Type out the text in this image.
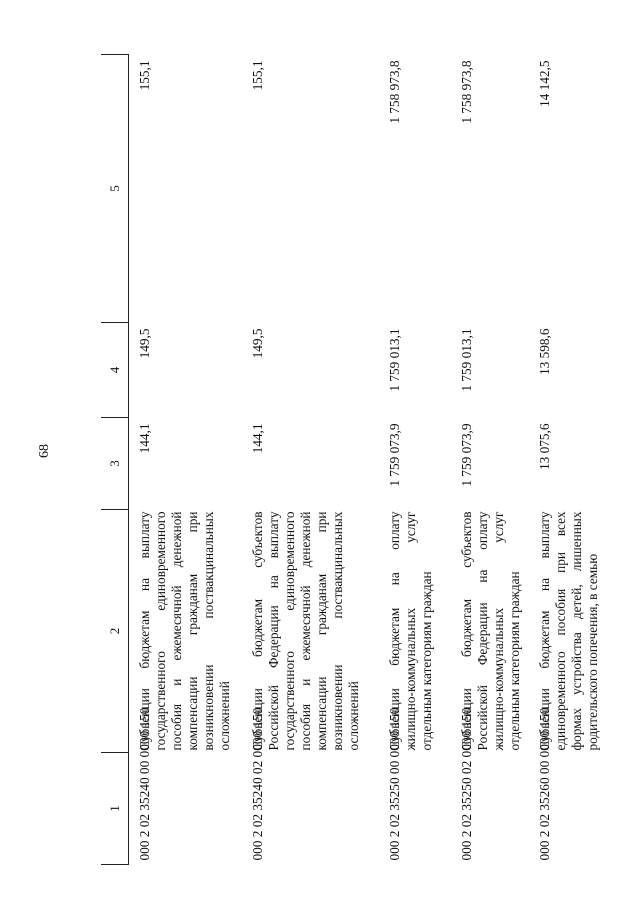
68
1	2	3	4	5
000 2 02 35240 00 0000 150	Субвенции бюджетам на выплату государственного единовременного пособия и ежемесячной денежной компенсации гражданам при возникновении поствакцинальных осложнений	144,1	149,5	155,1
000 2 02 35240 02 0000 150	Субвенции бюджетам субъектов Российской Федерации на выплату государственного единовременного пособия и ежемесячной денежной компенсации гражданам при возникновении поствакцинальных осложнений	144,1	149,5	155,1
000 2 02 35250 00 0000 150	Субвенции бюджетам на оплату жилищно-коммунальных услуг отдельным категориям граждан	1 759 073,9	1 759 013,1	1 758 973,8
000 2 02 35250 02 0000 150	Субвенции бюджетам субъектов Российской Федерации на оплату жилищно-коммунальных услуг отдельным категориям граждан	1 759 073,9	1 759 013,1	1 758 973,8
000 2 02 35260 00 0000 150	Субвенции бюджетам на выплату единовременного пособия при всех формах устройства детей, лишенных родительского попечения, в семью	13 075,6	13 598,6	14 142,5
